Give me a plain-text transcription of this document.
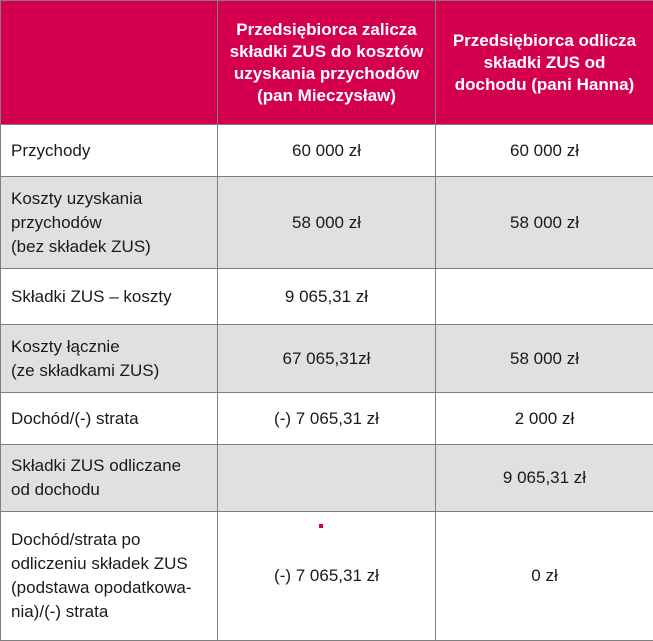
	Przedsiębiorca zalicza
składki ZUS do kosztów
uzyskania przychodów
(pan Mieczysław)	Przedsiębiorca odlicza
składki ZUS od
dochodu (pani Hanna)

Przychody	60 000 zł	60 000 zł

Koszty uzyskania
przychodów
(bez składek ZUS)	58 000 zł	58 000 zł

Składki ZUS – koszty	9 065,31 zł	

Koszty łącznie
(ze składkami ZUS)	67 065,31zł	58 000 zł

Dochód/(-) strata	(-) 7 065,31 zł	2 000 zł

Składki ZUS odliczane
od dochodu		9 065,31 zł

Dochód/strata po
odliczeniu składek ZUS
(podstawa opodatkowa-
nia)/(-) strata	(-) 7 065,31 zł	0 zł
